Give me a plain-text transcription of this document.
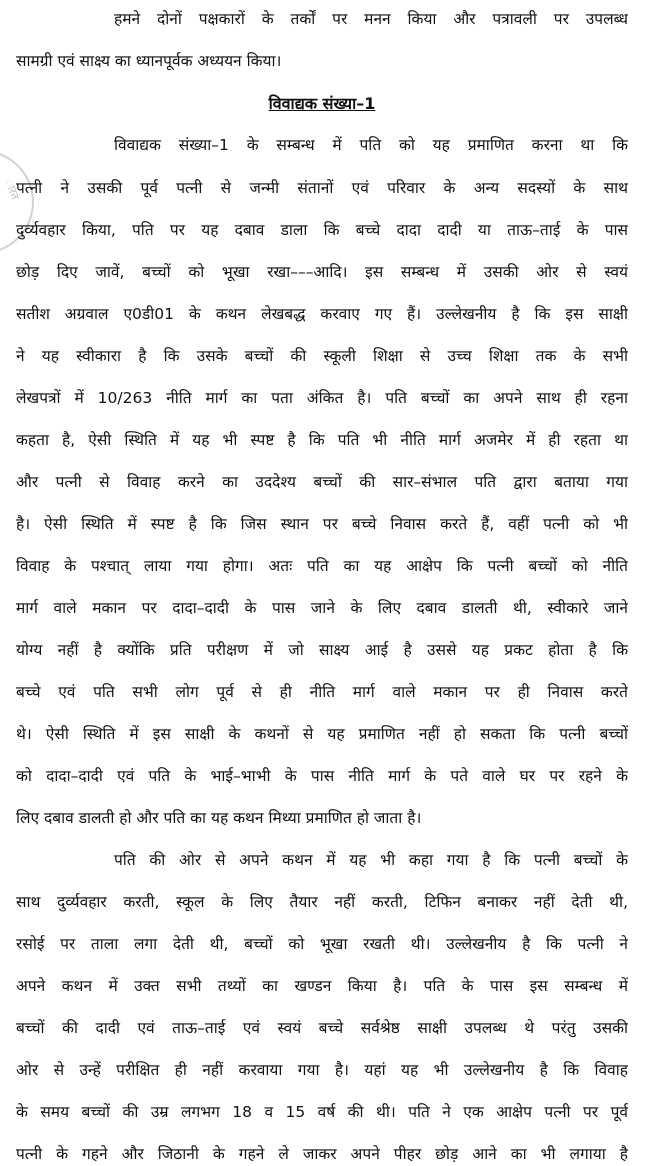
ारत
हमने दोनों पक्षकारों के तर्कों पर मनन किया और पत्रावली पर उपलब्ध
सामग्री एवं साक्ष्य का ध्यानपूर्वक अध्ययन किया।
विवाद्यक संख्या–1
विवाद्यक संख्या–1 के सम्बन्ध में पति को यह प्रमाणित करना था कि
पत्नी ने उसकी पूर्व पत्नी से जन्मी संतानों एवं परिवार के अन्य सदस्यों के साथ
दुर्व्यवहार किया, पति पर यह दबाव डाला कि बच्चे दादा दादी या ताऊ–ताई के पास
छोड़ दिए जावें, बच्चों को भूखा रखा–––आदि। इस सम्बन्ध में उसकी ओर से स्वयं
सतीश अग्रवाल ए0डी01 के कथन लेखबद्ध करवाए गए हैं। उल्लेखनीय है कि इस साक्षी
ने यह स्वीकारा है कि उसके बच्चों की स्कूली शिक्षा से उच्च शिक्षा तक के सभी
लेखपत्रों में 10/263 नीति मार्ग का पता अंकित है। पति बच्चों का अपने साथ ही रहना
कहता है, ऐसी स्थिति में यह भी स्पष्ट है कि पति भी नीति मार्ग अजमेर में ही रहता था
और पत्नी से विवाह करने का उददेश्य बच्चों की सार–संभाल पति द्वारा बताया गया
है। ऐसी स्थिति में स्पष्ट है कि जिस स्थान पर बच्चे निवास करते हैं, वहीं पत्नी को भी
विवाह के पश्चात् लाया गया होगा। अतः पति का यह आक्षेप कि पत्नी बच्चों को नीति
मार्ग वाले मकान पर दादा–दादी के पास जाने के लिए दबाव डालती थी, स्वीकारे जाने
योग्य नहीं है क्योंकि प्रति परीक्षण में जो साक्ष्य आई है उससे यह प्रकट होता है कि
बच्चे एवं पति सभी लोग पूर्व से ही नीति मार्ग वाले मकान पर ही निवास करते
थे। ऐसी स्थिति में इस साक्षी के कथनों से यह प्रमाणित नहीं हो सकता कि पत्नी बच्चों
को दादा–दादी एवं पति के भाई–भाभी के पास नीति मार्ग के पते वाले घर पर रहने के
लिए दबाव डालती हो और पति का यह कथन मिथ्या प्रमाणित हो जाता है।
पति की ओर से अपने कथन में यह भी कहा गया है कि पत्नी बच्चों के
साथ दुर्व्यवहार करती, स्कूल के लिए तैयार नहीं करती, टिफिन बनाकर नहीं देती थी,
रसोई पर ताला लगा देती थी, बच्चों को भूखा रखती थी। उल्लेखनीय है कि पत्नी ने
अपने कथन में उक्त सभी तथ्यों का खण्डन किया है। पति के पास इस सम्बन्ध में
बच्चों की दादी एवं ताऊ–ताई एवं स्वयं बच्चे सर्वश्रेष्ठ साक्षी उपलब्ध थे परंतु उसकी
ओर से उन्हें परीक्षित ही नहीं करवाया गया है। यहां यह भी उल्लेखनीय है कि विवाह
के समय बच्चों की उम्र लगभग 18 व 15 वर्ष की थी। पति ने एक आक्षेप पत्नी पर पूर्व
पत्नी के गहने और जिठानी के गहने ले जाकर अपने पीहर छोड़ आने का भी लगाया है
